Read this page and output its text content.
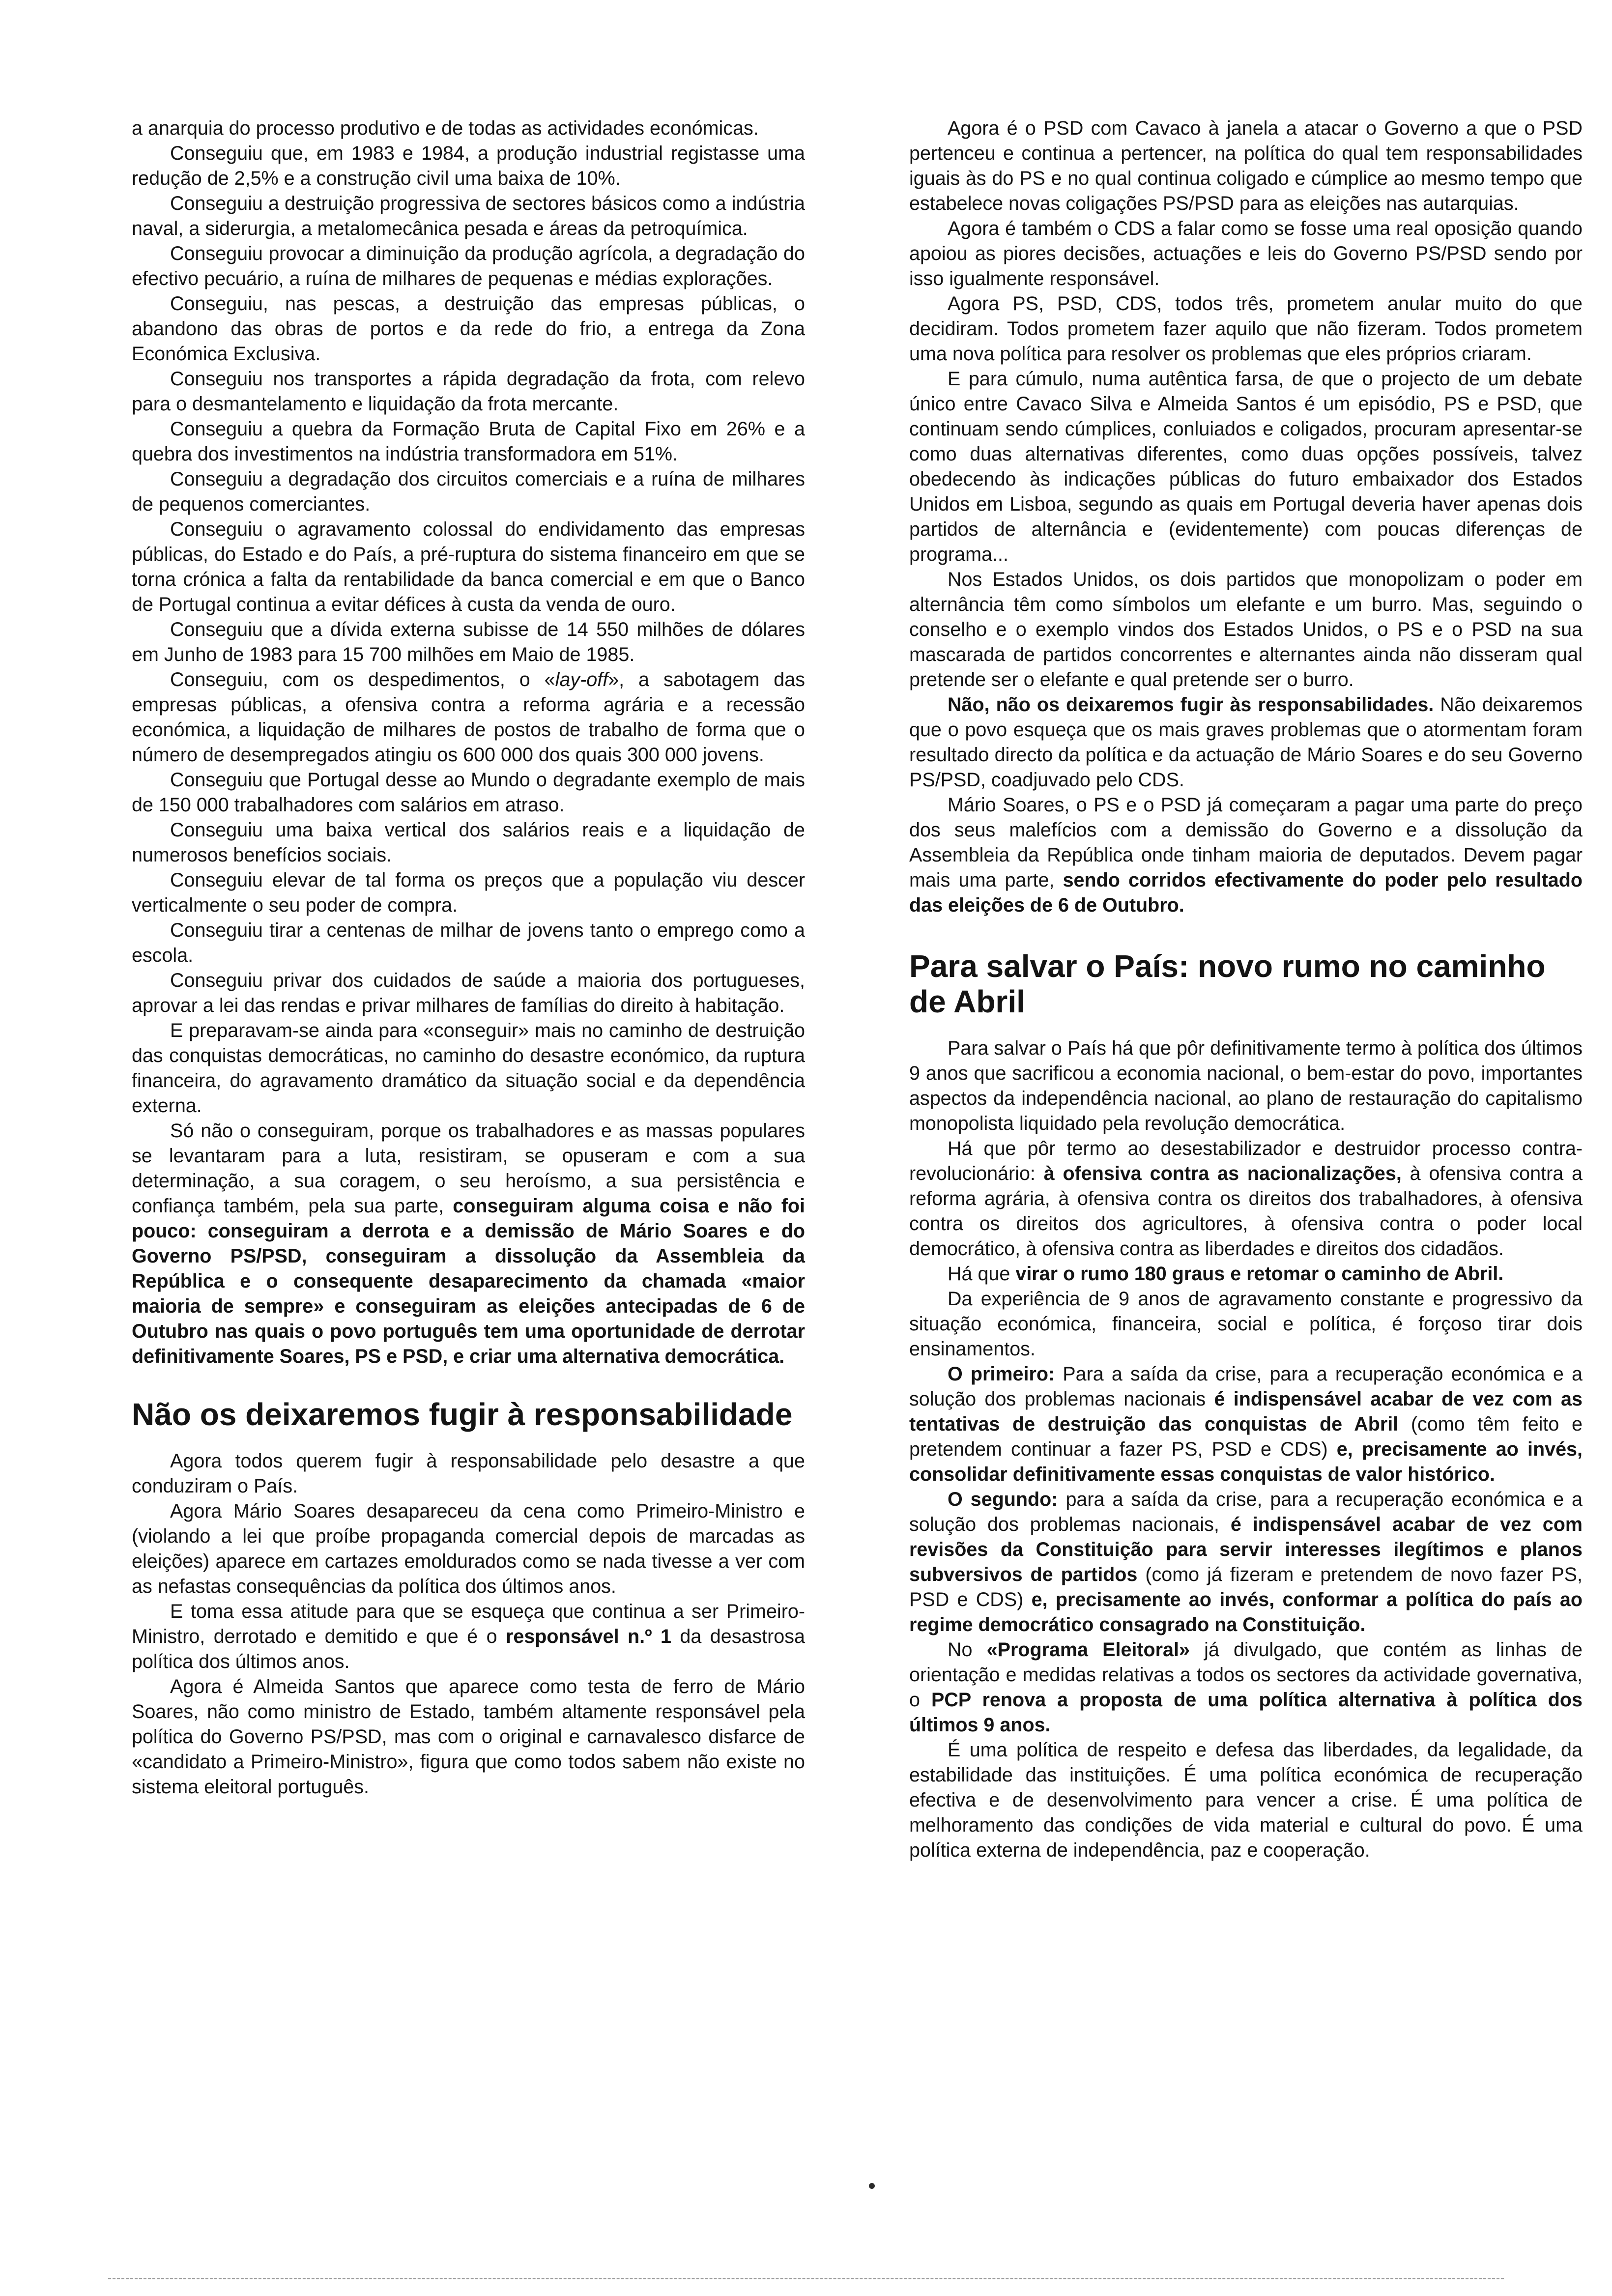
a anarquia do processo produtivo e de todas as actividades económicas.

Conseguiu que, em 1983 e 1984, a produção industrial registasse uma redução de 2,5% e a construção civil uma baixa de 10%.

Conseguiu a destruição progressiva de sectores básicos como a indústria naval, a siderurgia, a metalomecânica pesada e áreas da petroquímica.

Conseguiu provocar a diminuição da produção agrícola, a degradação do efectivo pecuário, a ruína de milhares de pequenas e médias explorações.

Conseguiu, nas pescas, a destruição das empresas públicas, o abandono das obras de portos e da rede do frio, a entrega da Zona Económica Exclusiva.

Conseguiu nos transportes a rápida degradação da frota, com relevo para o desmantelamento e liquidação da frota mercante.

Conseguiu a quebra da Formação Bruta de Capital Fixo em 26% e a quebra dos investimentos na indústria transformadora em 51%.

Conseguiu a degradação dos circuitos comerciais e a ruína de milhares de pequenos comerciantes.

Conseguiu o agravamento colossal do endividamento das empresas públicas, do Estado e do País, a pré-ruptura do sistema financeiro em que se torna crónica a falta da rentabilidade da banca comercial e em que o Banco de Portugal continua a evitar défices à custa da venda de ouro.

Conseguiu que a dívida externa subisse de 14 550 milhões de dólares em Junho de 1983 para 15 700 milhões em Maio de 1985.

Conseguiu, com os despedimentos, o «lay-off», a sabotagem das empresas públicas, a ofensiva contra a reforma agrária e a recessão económica, a liquidação de milhares de postos de trabalho de forma que o número de desempregados atingiu os 600 000 dos quais 300 000 jovens.

Conseguiu que Portugal desse ao Mundo o degradante exemplo de mais de 150 000 trabalhadores com salários em atraso.

Conseguiu uma baixa vertical dos salários reais e a liquidação de numerosos benefícios sociais.

Conseguiu elevar de tal forma os preços que a população viu descer verticalmente o seu poder de compra.

Conseguiu tirar a centenas de milhar de jovens tanto o emprego como a escola.

Conseguiu privar dos cuidados de saúde a maioria dos portugueses, aprovar a lei das rendas e privar milhares de famílias do direito à habitação.

E preparavam-se ainda para «conseguir» mais no caminho de destruição das conquistas democráticas, no caminho do desastre económico, da ruptura financeira, do agravamento dramático da situação social e da dependência externa.

Só não o conseguiram, porque os trabalhadores e as massas populares se levantaram para a luta, resistiram, se opuseram e com a sua determinação, a sua coragem, o seu heroísmo, a sua persistência e confiança também, pela sua parte, conseguiram alguma coisa e não foi pouco: conseguiram a derrota e a demissão de Mário Soares e do Governo PS/PSD, conseguiram a dissolução da Assembleia da República e o consequente desaparecimento da chamada «maior maioria de sempre» e conseguiram as eleições antecipadas de 6 de Outubro nas quais o povo português tem uma oportunidade de derrotar definitivamente Soares, PS e PSD, e criar uma alternativa democrática.

Não os deixaremos fugir à responsabilidade

Agora todos querem fugir à responsabilidade pelo desastre a que conduziram o País.

Agora Mário Soares desapareceu da cena como Primeiro-Ministro e (violando a lei que proíbe propaganda comercial depois de marcadas as eleições) aparece em cartazes emoldurados como se nada tivesse a ver com as nefastas consequências da política dos últimos anos.

E toma essa atitude para que se esqueça que continua a ser Primeiro-Ministro, derrotado e demitido e que é o responsável n.º 1 da desastrosa política dos últimos anos.

Agora é Almeida Santos que aparece como testa de ferro de Mário Soares, não como ministro de Estado, também altamente responsável pela política do Governo PS/PSD, mas com o original e carnavalesco disfarce de «candidato a Primeiro-Ministro», figura que como todos sabem não existe no sistema eleitoral português.

Agora é o PSD com Cavaco à janela a atacar o Governo a que o PSD pertenceu e continua a pertencer, na política do qual tem responsabilidades iguais às do PS e no qual continua coligado e cúmplice ao mesmo tempo que estabelece novas coligações PS/PSD para as eleições nas autarquias.

Agora é também o CDS a falar como se fosse uma real oposição quando apoiou as piores decisões, actuações e leis do Governo PS/PSD sendo por isso igualmente responsável.

Agora PS, PSD, CDS, todos três, prometem anular muito do que decidiram. Todos prometem fazer aquilo que não fizeram. Todos prometem uma nova política para resolver os problemas que eles próprios criaram.

E para cúmulo, numa autêntica farsa, de que o projecto de um debate único entre Cavaco Silva e Almeida Santos é um episódio, PS e PSD, que continuam sendo cúmplices, conluiados e coligados, procuram apresentar-se como duas alternativas diferentes, como duas opções possíveis, talvez obedecendo às indicações públicas do futuro embaixador dos Estados Unidos em Lisboa, segundo as quais em Portugal deveria haver apenas dois partidos de alternância e (evidentemente) com poucas diferenças de programa...

Nos Estados Unidos, os dois partidos que monopolizam o poder em alternância têm como símbolos um elefante e um burro. Mas, seguindo o conselho e o exemplo vindos dos Estados Unidos, o PS e o PSD na sua mascarada de partidos concorrentes e alternantes ainda não disseram qual pretende ser o elefante e qual pretende ser o burro.

Não, não os deixaremos fugir às responsabilidades. Não deixaremos que o povo esqueça que os mais graves problemas que o atormentam foram resultado directo da política e da actuação de Mário Soares e do seu Governo PS/PSD, coadjuvado pelo CDS.

Mário Soares, o PS e o PSD já começaram a pagar uma parte do preço dos seus malefícios com a demissão do Governo e a dissolução da Assembleia da República onde tinham maioria de deputados. Devem pagar mais uma parte, sendo corridos efectivamente do poder pelo resultado das eleições de 6 de Outubro.

Para salvar o País: novo rumo no caminho de Abril

Para salvar o País há que pôr definitivamente termo à política dos últimos 9 anos que sacrificou a economia nacional, o bem-estar do povo, importantes aspectos da independência nacional, ao plano de restauração do capitalismo monopolista liquidado pela revolução democrática.

Há que pôr termo ao desestabilizador e destruidor processo contra-revolucionário: à ofensiva contra as nacionalizações, à ofensiva contra a reforma agrária, à ofensiva contra os direitos dos trabalhadores, à ofensiva contra os direitos dos agricultores, à ofensiva contra o poder local democrático, à ofensiva contra as liberdades e direitos dos cidadãos.

Há que virar o rumo 180 graus e retomar o caminho de Abril.

Da experiência de 9 anos de agravamento constante e progressivo da situação económica, financeira, social e política, é forçoso tirar dois ensinamentos.

O primeiro: Para a saída da crise, para a recuperação económica e a solução dos problemas nacionais é indispensável acabar de vez com as tentativas de destruição das conquistas de Abril (como têm feito e pretendem continuar a fazer PS, PSD e CDS) e, precisamente ao invés, consolidar definitivamente essas conquistas de valor histórico.

O segundo: para a saída da crise, para a recuperação económica e a solução dos problemas nacionais, é indispensável acabar de vez com revisões da Constituição para servir interesses ilegítimos e planos subversivos de partidos (como já fizeram e pretendem de novo fazer PS, PSD e CDS) e, precisamente ao invés, conformar a política do país ao regime democrático consagrado na Constituição.

No «Programa Eleitoral» já divulgado, que contém as linhas de orientação e medidas relativas a todos os sectores da actividade governativa, o PCP renova a proposta de uma política alternativa à política dos últimos 9 anos.

É uma política de respeito e defesa das liberdades, da legalidade, da estabilidade das instituições. É uma política económica de recuperação efectiva e de desenvolvimento para vencer a crise. É uma política de melhoramento das condições de vida material e cultural do povo. É uma política externa de independência, paz e cooperação.
